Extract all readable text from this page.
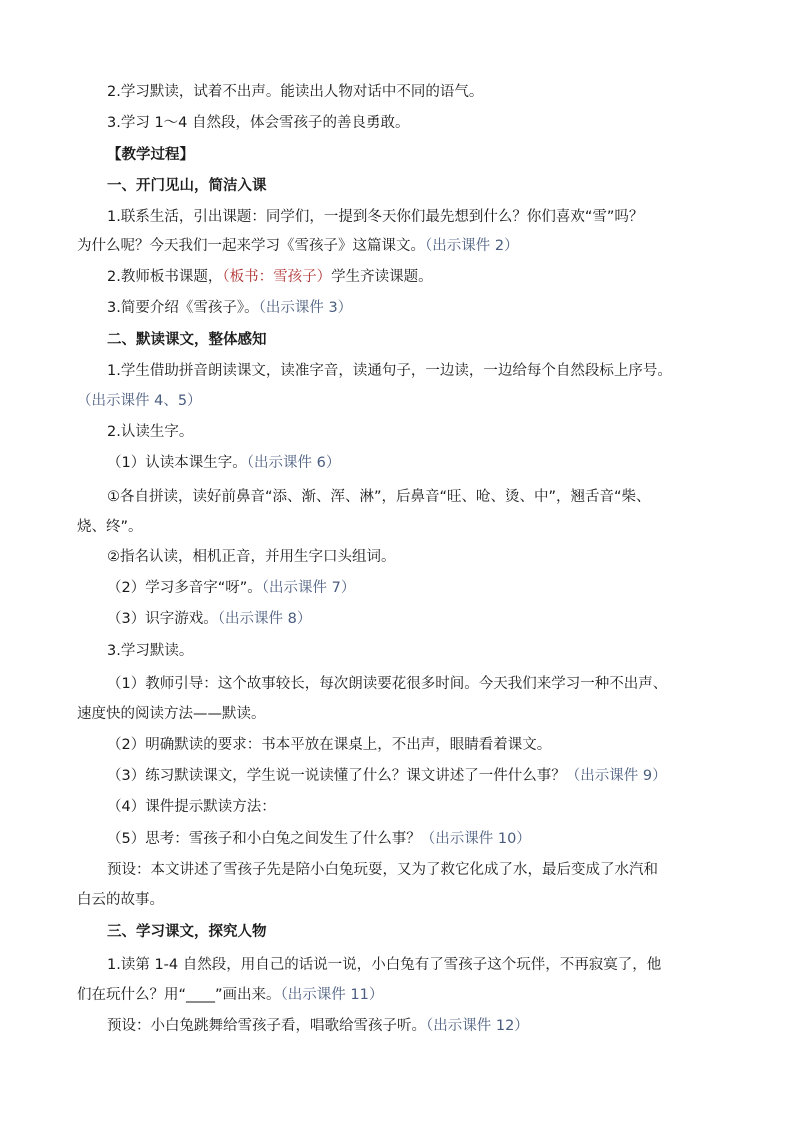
2.学习默读，试着不出声。能读出人物对话中不同的语气。
3.学习 1～4 自然段，体会雪孩子的善良勇敢。
【教学过程】
一、开门见山，简洁入课
1.联系生活，引出课题：同学们，一提到冬天你们最先想到什么？你们喜欢“雪”吗？
为什么呢？今天我们一起来学习《雪孩子》这篇课文。（出示课件 2）
2.教师板书课题，（板书：雪孩子）学生齐读课题。
3.简要介绍《雪孩子》。（出示课件 3）
二、默读课文，整体感知
1.学生借助拼音朗读课文，读准字音，读通句子，一边读，一边给每个自然段标上序号。
（出示课件 4、5）
2.认读生字。
（1）认读本课生字。（出示课件 6）
①各自拼读，读好前鼻音“添、渐、浑、淋”，后鼻音“旺、呛、烫、中”，翘舌音“柴、
烧、终”。
②指名认读，相机正音，并用生字口头组词。
（2）学习多音字“呀”。（出示课件 7）
（3）识字游戏。（出示课件 8）
3.学习默读。
（1）教师引导：这个故事较长，每次朗读要花很多时间。今天我们来学习一种不出声、
速度快的阅读方法——默读。
（2）明确默读的要求：书本平放在课桌上，不出声，眼睛看着课文。
（3）练习默读课文，学生说一说读懂了什么？课文讲述了一件什么事？（出示课件 9）
（4）课件提示默读方法：
（5）思考：雪孩子和小白兔之间发生了什么事？（出示课件 10）
预设：本文讲述了雪孩子先是陪小白兔玩耍，又为了救它化成了水，最后变成了水汽和
白云的故事。
三、学习课文，探究人物
1.读第 1-4 自然段，用自己的话说一说，小白兔有了雪孩子这个玩伴，不再寂寞了，他
们在玩什么？用“____”画出来。（出示课件 11）
预设：小白兔跳舞给雪孩子看，唱歌给雪孩子听。（出示课件 12）
